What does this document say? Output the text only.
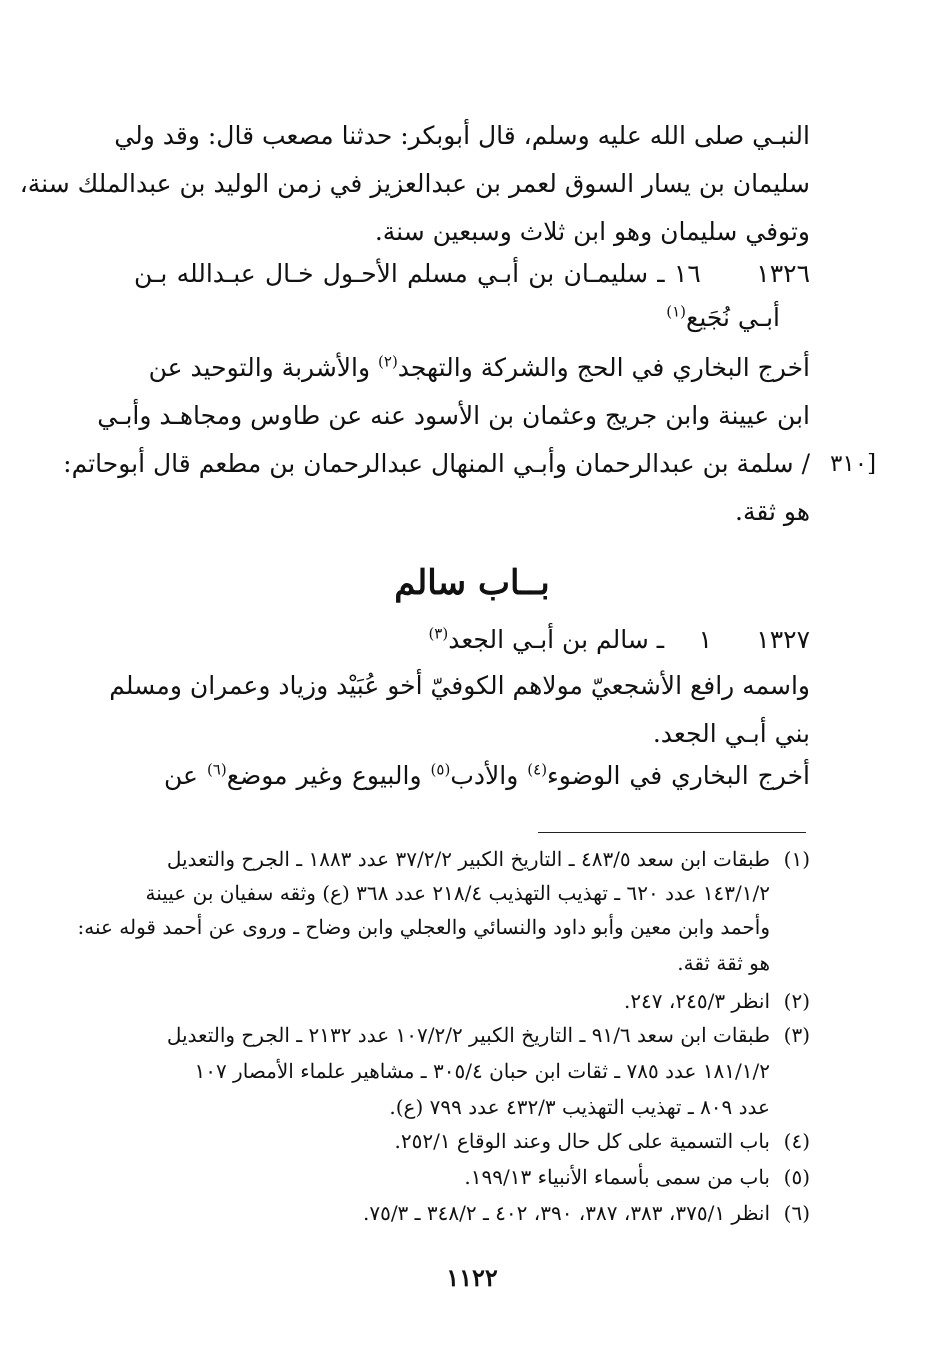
النبـي صلى الله عليه وسلم، قال أبوبكر: حدثنا مصعب قال: وقد ولي
سليمان بن يسار السوق لعمر بن عبدالعزيز في زمن الوليد بن عبدالملك سنة،
وتوفي سليمان وهو ابن ثلاث وسبعين سنة.
١٣٢٦      ١٦ ـ سليمـان بن أبـي مسلم الأحـول خـال عبـدالله بـن
أبـي نُجَيع$^{(١)}$
أخرج البخاري في الحج والشركة والتهجد$^{(٢)}$ والأشربة والتوحيد عن
ابن عيينة وابن جريج وعثمان بن الأسود عنه عن طاوس ومجاهـد وأبـي
/ سلمة بن عبدالرحمان وأبـي المنهال عبدالرحمان بن مطعم قال أبوحاتم: [٣١٠
هو ثقة.
بــاب سالم
١٣٢٧ ١ ـ سالم بن أبـي الجعد$^{(٣)}$
واسمه رافع الأشجعيّ مولاهم الكوفيّ أخو عُبَيْد وزياد وعمران ومسلم
بني أبـي الجعد.
أخرج البخاري في الوضوء$^{(٤)}$ والأدب$^{(٥)}$ والبيوع وغير موضع$^{(٦)}$ عن
(١)طبقات ابن سعد ٤٨٣/٥ ـ التاريخ الكبير ٣٧/٢/٢ عدد ١٨٨٣ ـ الجرح والتعديل
١٤٣/١/٢ عدد ٦٢٠ ـ تهذيب التهذيب ٢١٨/٤ عدد ٣٦٨ (ع) وثقه سفيان بن عيينة
وأحمد وابن معين وأبو داود والنسائي والعجلي وابن وضاح ـ وروى عن أحمد قوله عنه:
هو ثقة ثقة.
(٢)انظر ٢٤٥/٣، ٢٤٧.
(٣)طبقات ابن سعد ٩١/٦ ـ التاريخ الكبير ١٠٧/٢/٢ عدد ٢١٣٢ ـ الجرح والتعديل
١٨١/١/٢ عدد ٧٨٥ ـ ثقات ابن حبان ٣٠٥/٤ ـ مشاهير علماء الأمصار ١٠٧
عدد ٨٠٩ ـ تهذيب التهذيب ٤٣٢/٣ عدد ٧٩٩ (ع).
(٤)باب التسمية على كل حال وعند الوقاع ٢٥٢/١.
(٥)باب من سمى بأسماء الأنبياء ١٩٩/١٣.
(٦)انظر ٣٧٥/١، ٣٨٣، ٣٨٧، ٣٩٠، ٤٠٢ ـ ٣٤٨/٢ ـ ٧٥/٣.
١١٢٢
